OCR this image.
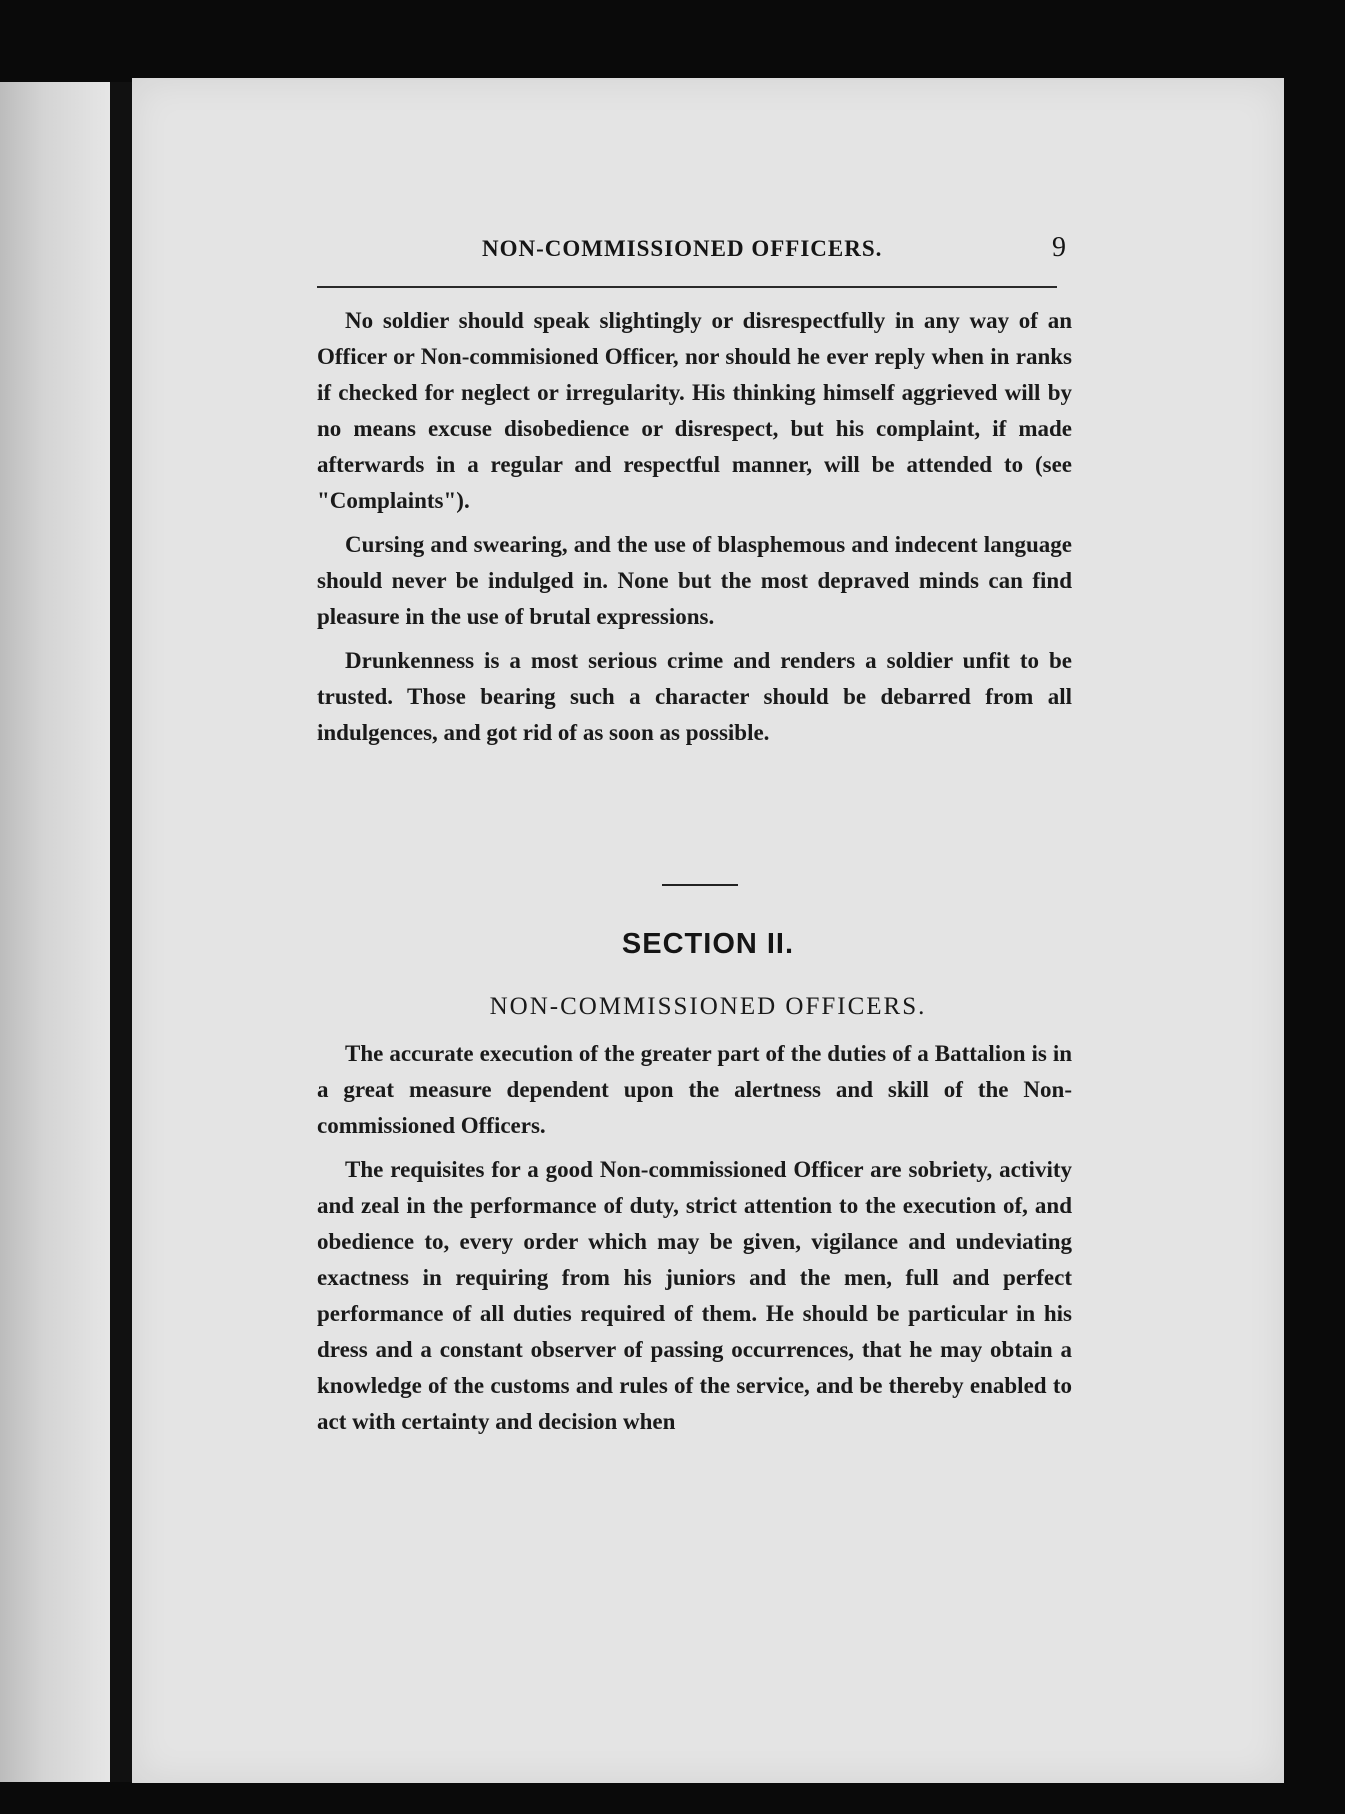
NON-COMMISSIONED OFFICERS.	9

No soldier should speak slightingly or disrespectfully in any way of an Officer or Non-commisioned Officer, nor should he ever reply when in ranks if checked for neglect or irregularity. His thinking himself aggrieved will by no means excuse disobedience or disrespect, but his complaint, if made afterwards in a regular and respectful manner, will be attended to (see "Complaints").

Cursing and swearing, and the use of blasphemous and indecent language should never be indulged in. None but the most depraved minds can find pleasure in the use of brutal expressions.

Drunkenness is a most serious crime and renders a soldier unfit to be trusted. Those bearing such a character should be debarred from all indulgences, and got rid of as soon as possible.

SECTION II.
NON-COMMISSIONED OFFICERS.

The accurate execution of the greater part of the duties of a Battalion is in a great measure dependent upon the alertness and skill of the Non-commissioned Officers.

The requisites for a good Non-commissioned Officer are sobriety, activity and zeal in the performance of duty, strict attention to the execution of, and obedience to, every order which may be given, vigilance and undeviating exactness in requiring from his juniors and the men, full and perfect performance of all duties required of them. He should be particular in his dress and a constant observer of passing occurrences, that he may obtain a knowledge of the customs and rules of the service, and be thereby enabled to act with certainty and decision when
